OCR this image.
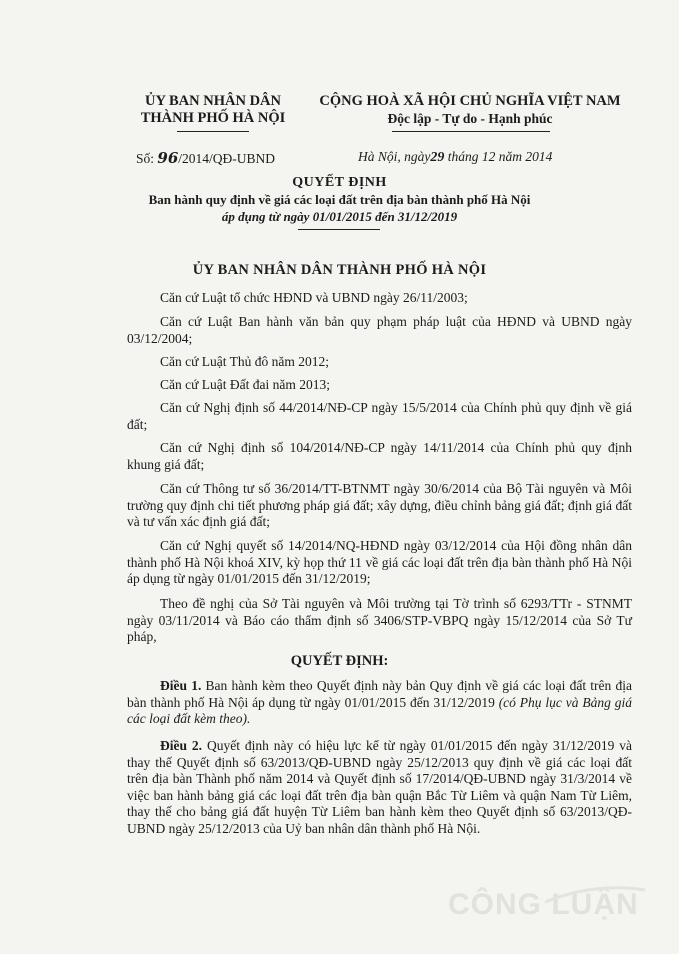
ỦY BAN NHÂN DÂN
THÀNH PHỐ HÀ NỘI
CỘNG HOÀ XÃ HỘI CHỦ NGHĨA VIỆT NAM
Độc lập - Tự do - Hạnh phúc
Số: 96/2014/QĐ-UBND	Hà Nội, ngày29 tháng 12 năm 2014
QUYẾT ĐỊNH
Ban hành quy định về giá các loại đất trên địa bàn thành phố Hà Nội
áp dụng từ ngày 01/01/2015 đến 31/12/2019
ỦY BAN NHÂN DÂN THÀNH PHỐ HÀ NỘI
Căn cứ Luật tổ chức HĐND và UBND ngày 26/11/2003;
Căn cứ Luật Ban hành văn bản quy phạm pháp luật của HĐND và UBND ngày 03/12/2004;
Căn cứ Luật Thủ đô năm 2012;
Căn cứ Luật Đất đai năm 2013;
Căn cứ Nghị định số 44/2014/NĐ-CP ngày 15/5/2014 của Chính phủ quy định về giá đất;
Căn cứ Nghị định số 104/2014/NĐ-CP ngày 14/11/2014 của Chính phủ quy định khung giá đất;
Căn cứ Thông tư số 36/2014/TT-BTNMT ngày 30/6/2014 của Bộ Tài nguyên và Môi trường quy định chi tiết phương pháp giá đất; xây dựng, điều chỉnh bảng giá đất; định giá đất và tư vấn xác định giá đất;
Căn cứ Nghị quyết số 14/2014/NQ-HĐND ngày 03/12/2014 của Hội đồng nhân dân thành phố Hà Nội khoá XIV, kỳ họp thứ 11 về giá các loại đất trên địa bàn thành phố Hà Nội áp dụng từ ngày 01/01/2015 đến 31/12/2019;
Theo đề nghị của Sở Tài nguyên và Môi trường tại Tờ trình số 6293/TTr - STNMT ngày 03/11/2014 và Báo cáo thẩm định số 3406/STP-VBPQ ngày 15/12/2014 của Sở Tư pháp,
QUYẾT ĐỊNH:
Điều 1. Ban hành kèm theo Quyết định này bản Quy định về giá các loại đất trên địa bàn thành phố Hà Nội áp dụng từ ngày 01/01/2015 đến 31/12/2019 (có Phụ lục và Bảng giá các loại đất kèm theo).
Điều 2. Quyết định này có hiệu lực kể từ ngày 01/01/2015 đến ngày 31/12/2019 và thay thế Quyết định số 63/2013/QĐ-UBND ngày 25/12/2013 quy định về giá các loại đất trên địa bàn Thành phố năm 2014 và Quyết định số 17/2014/QĐ-UBND ngày 31/3/2014 về việc ban hành bảng giá các loại đất trên địa bàn quận Bắc Từ Liêm và quận Nam Từ Liêm, thay thế cho bảng giá đất huyện Từ Liêm ban hành kèm theo Quyết định số 63/2013/QĐ-UBND ngày 25/12/2013 của Uỷ ban nhân dân thành phố Hà Nội.
CÔNG LUẬN
